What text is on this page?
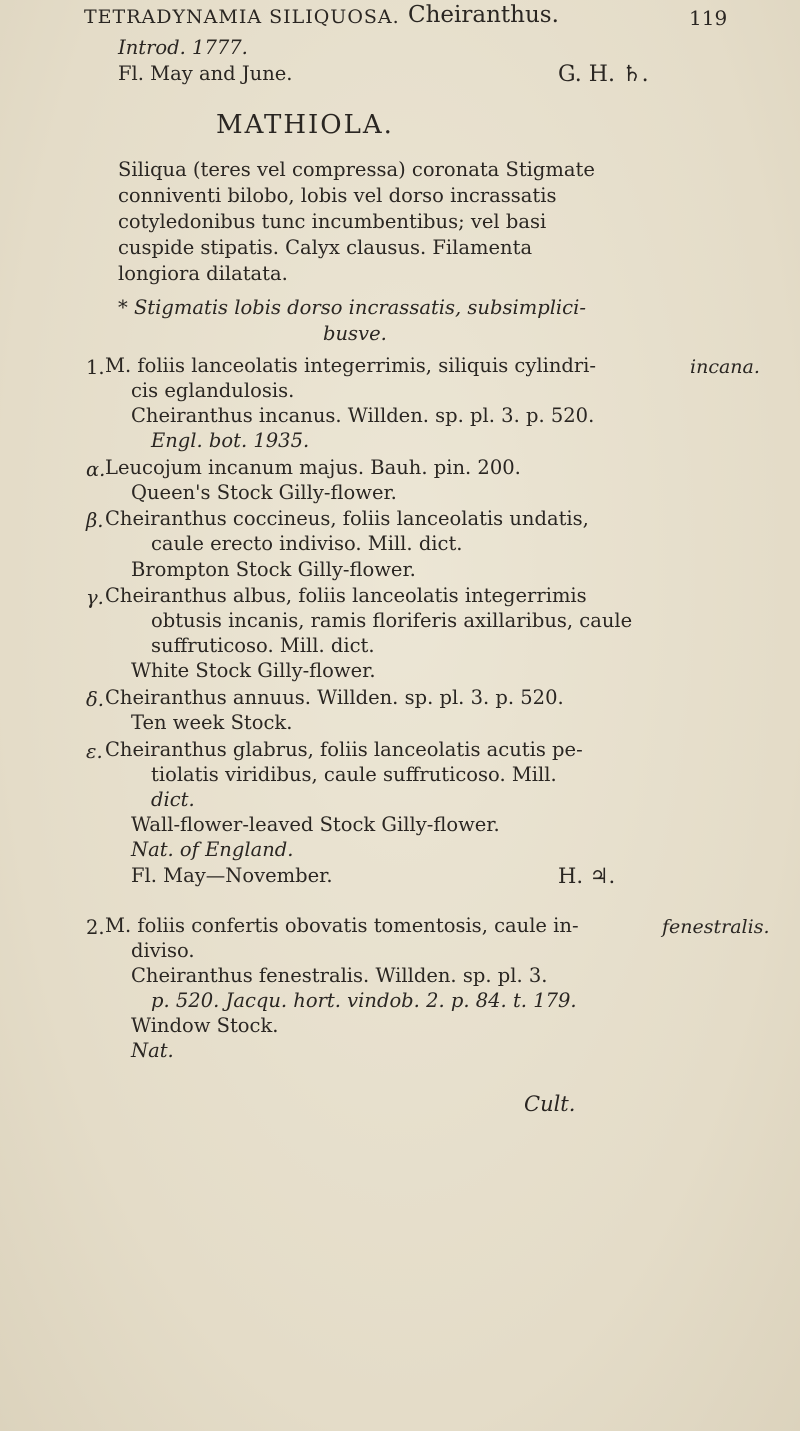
TETRADYNAMIA SILIQUOSA. Cheiranthus.	119
Introd. 1777.
Fl. May and June.	G. H. ♄.
MATHIOLA.
Siliqua (teres vel compressa) coronata Stigmate
conniventi bilobo, lobis vel dorso incrassatis
cotyledonibus tunc incumbentibus; vel basi
cuspide stipatis. Calyx clausus. Filamenta
longiora dilatata.
* Stigmatis lobis dorso incrassatis, subsimplici-
busve.
1. M. foliis lanceolatis integerrimis, siliquis cylindri-	incana.
cis eglandulosis.
Cheiranthus incanus. Willden. sp. pl. 3. p. 520.
Engl. bot. 1935.
α. Leucojum incanum majus. Bauh. pin. 200.
Queen's Stock Gilly-flower.
β. Cheiranthus coccineus, foliis lanceolatis undatis,
caule erecto indiviso. Mill. dict.
Brompton Stock Gilly-flower.
γ. Cheiranthus albus, foliis lanceolatis integerrimis
obtusis incanis, ramis floriferis axillaribus, caule
suffruticoso. Mill. dict.
White Stock Gilly-flower.
δ. Cheiranthus annuus. Willden. sp. pl. 3. p. 520.
Ten week Stock.
ε. Cheiranthus glabrus, foliis lanceolatis acutis pe-
tiolatis viridibus, caule suffruticoso. Mill.
dict.
Wall-flower-leaved Stock Gilly-flower.
Nat. of England.
Fl. May—November.	H. ♃.
2. M. foliis confertis obovatis tomentosis, caule in-	fenestralis.
diviso.
Cheiranthus fenestralis. Willden. sp. pl. 3.
p. 520. Jacqu. hort. vindob. 2. p. 84. t. 179.
Window Stock.
Nat.
Cult.
